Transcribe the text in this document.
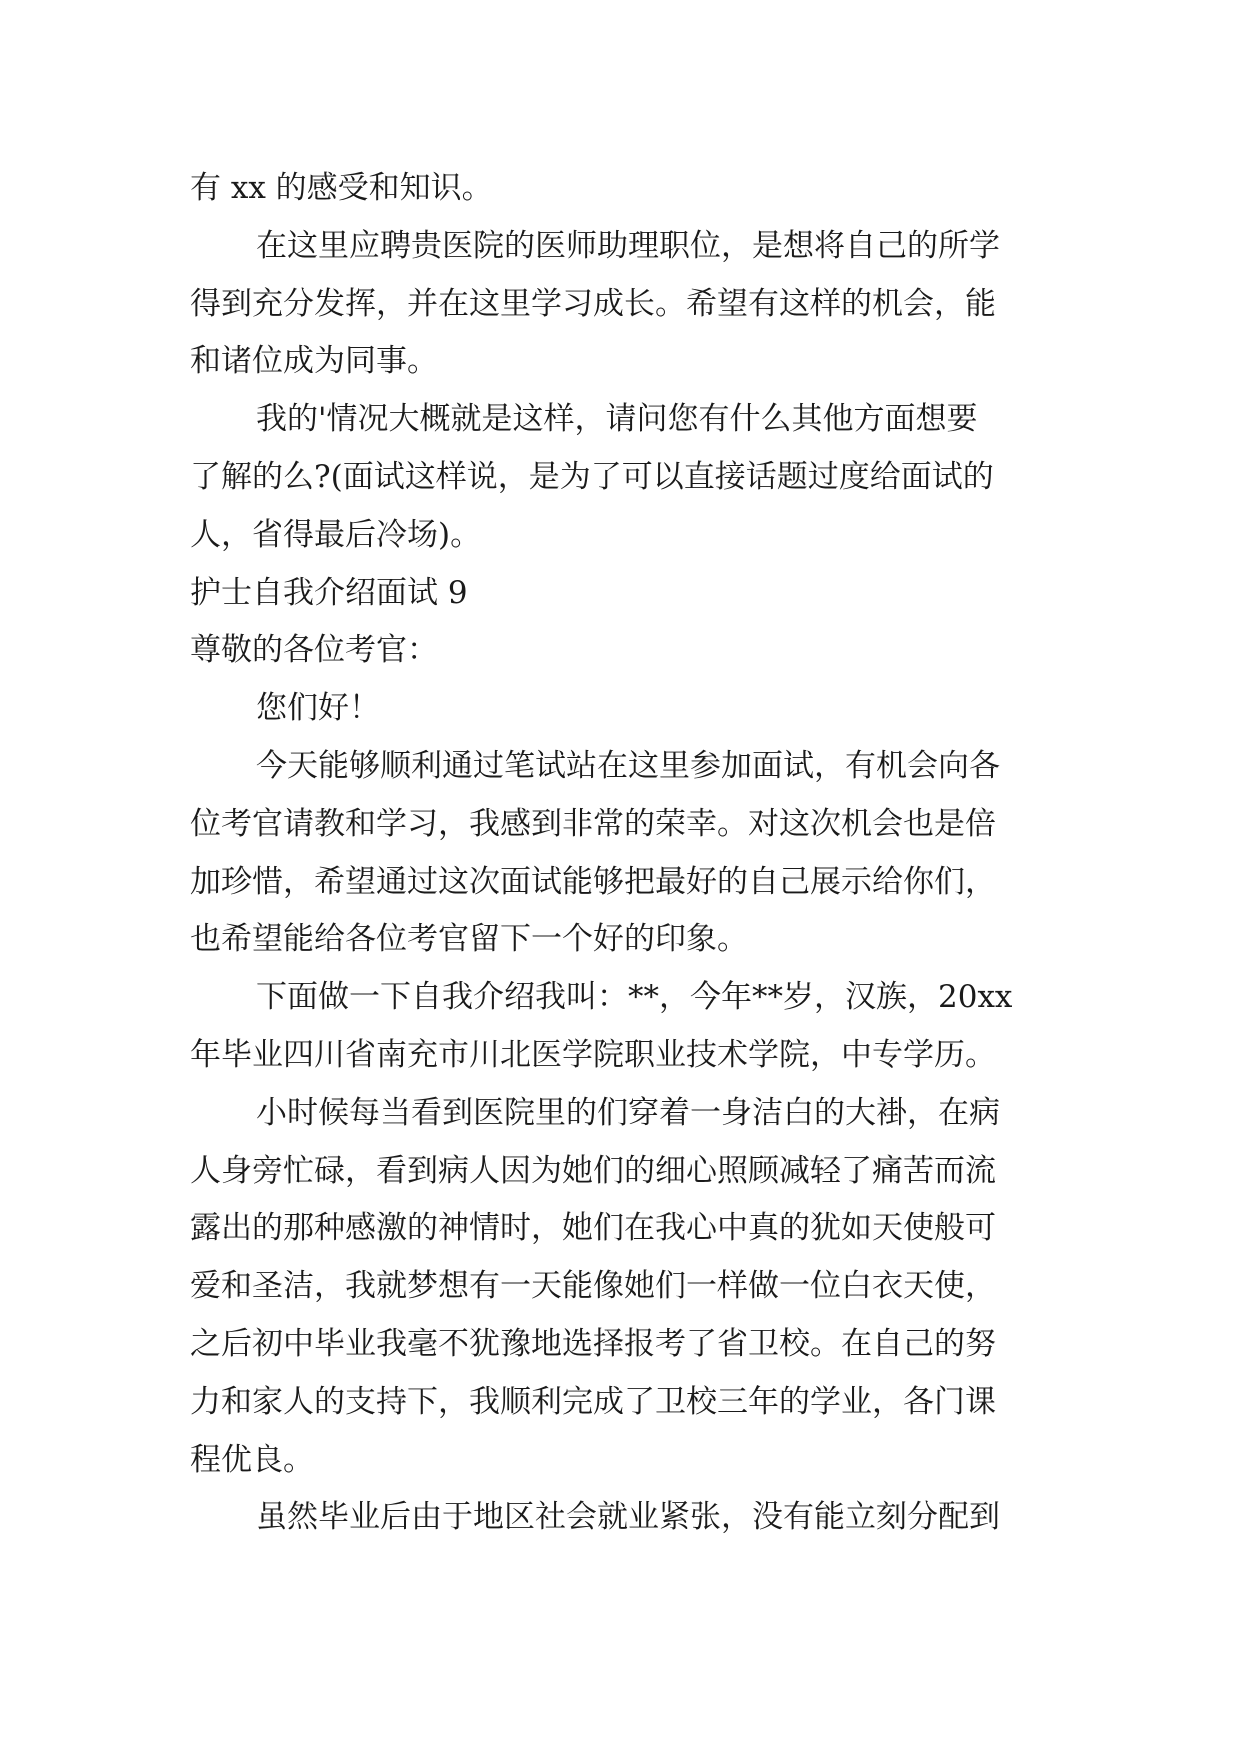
有 xx 的感受和知识。
在这里应聘贵医院的医师助理职位，是想将自己的所学
得到充分发挥，并在这里学习成长。希望有这样的机会，能
和诸位成为同事。
我的'情况大概就是这样，请问您有什么其他方面想要
了解的么?(面试这样说，是为了可以直接话题过度给面试的
人，省得最后冷场)。
护士自我介绍面试 9
尊敬的各位考官：
您们好！
今天能够顺利通过笔试站在这里参加面试，有机会向各
位考官请教和学习，我感到非常的荣幸。对这次机会也是倍
加珍惜，希望通过这次面试能够把最好的自己展示给你们，
也希望能给各位考官留下一个好的印象。
下面做一下自我介绍我叫：**，今年**岁，汉族，20xx
年毕业四川省南充市川北医学院职业技术学院，中专学历。
小时候每当看到医院里的们穿着一身洁白的大褂，在病
人身旁忙碌，看到病人因为她们的细心照顾减轻了痛苦而流
露出的那种感激的神情时，她们在我心中真的犹如天使般可
爱和圣洁，我就梦想有一天能像她们一样做一位白衣天使，
之后初中毕业我毫不犹豫地选择报考了省卫校。在自己的努
力和家人的支持下，我顺利完成了卫校三年的学业，各门课
程优良。
虽然毕业后由于地区社会就业紧张，没有能立刻分配到
